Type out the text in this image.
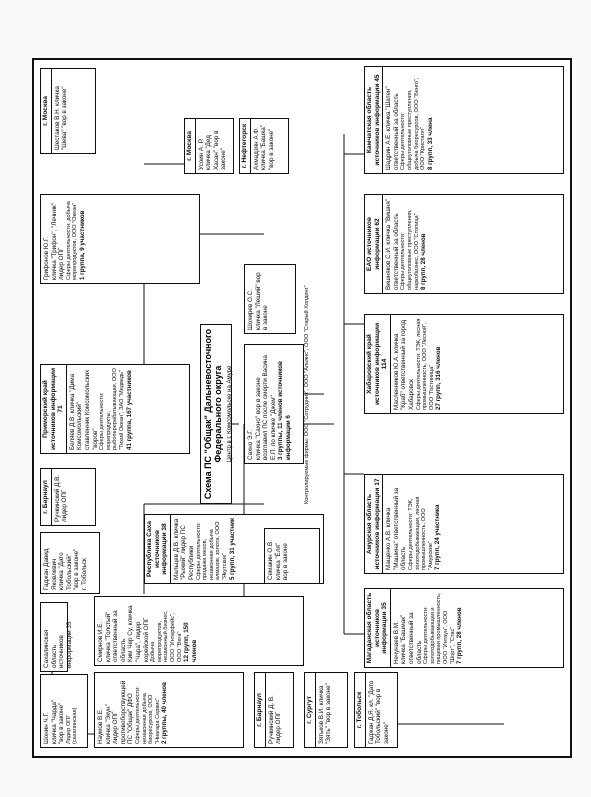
Шонин Ч.Г.
кличка "Чарда"
"вор в законе" Лидер ОПГ (сахалинская)
Сахалинская область
источников информации 35
Гаджан Давид Яковлевич
кличка "Дато Тобольский"
"вор в законе"
г. Тобольск
Наумов В.Е.
кличка "Экун"
лидер ОПГ
противоборствующей
ПС "Общак" ДФО Сферы деятельности: незаконная добыча биоресурсов, ООО "Ниагара Сервис" 2 группы, 40 членов
Смирнов И.Е.
кличка "Толстый"
ответственный за
область
Ким Чер Су, кличка "Чара", лидер корейской ОПГ Добыча морепродуктов, незаконный бизнес, ООО "Интерфейс", ООО "Вега" 12 групп, 150 членов
г. Барнаул Ручкинский Д. В. лидер ОПГ
г. Сургут Зятьков В.И. кличка "Зять" "вор в законе"	г. Тобольск Гаджан Д.Я. кл. "Дато Тобольский" "вор в законе"
Магаданская область источников информации 35 Нечунаев В.М.
кличка "Башмак"
ответственный за область Сферы деятельности: золотодобывающая и пищевая промышленность, ООО "Интаун", ООО "Шорт", "Стас" 7 групп, 28 членов
Республика Саха источников информации 38 Мальцев Д.В. кличка "Рыжий" лидер ПС Республики Сферы деятельности: продажа мехов, незаконная добыча алмазов, золота, ООО "Якутские" 5 групп, 31 участник	Семакин О.В.
кличка "Ёля" вор в законе
Амурская область источников информации 17 Мащенко А.В. кличка "Машина" ответственный за область Сферы деятельности: ТЭК, золотодобывающая, лесная промышленность, ООО "Амурские" 7 групп, 24 участника
г. Барнаул Ручкинский Д.В. лидер ОПГ
Схема ПС "Общак" Дальневосточного Федерального округа Центр в г. Комсомольске на Амуре	Сахно Э.Г.
кличка "Сахно" вор в законе
возглавил ПС после смерти Васина Е.П. по кличке "Джем" 3 группы, 11 членов источников информации 6 Контролируемые фирмы: ООО "Сотрудник", ООО "Альянс", ООО "Старый Холдинг"
Приморский край источников информации 71 Беляев Д.В. кличка "Дима Комсомольский" ставленник Комсомольских "воров" Сферы деятельности: морепродукты, рыбоперерабатывающая, ООО "Тихий Океан", ЗАО "Медведь" 41 группа, 167 участников
Хабаровский край источников информации 114 Масленников Ю.А. кличка "Краб" ответственный за город Хабаровск Сферы деятельности: ТЭК, лесная промышленность, ООО "Лесной", ООО "Гостиница" 27 групп, 316 членов
Шохирев О.С.
кличка "Леший" вор в законе
Грифонов Ю.Г.
кличка "Трифон", "Лечник" лидер ОПГ Сферы деятельности: добыча морепродуктов, ООО "Океан" 1 группа, 9 участников	ЕАО источников информации 62 Вишняков С.И. кличка "Вишня" ответственный за область Сферы деятельности: общеуголовные преступления, наркобизнес, ООО "Стопица" 8 групп, 28 членов
г. Москва Шестаков В.Н. кличка "Шева" "вор в законе"	г. Москва Усоин А. Р. кличка "Дед Хасан" "вор в законе"	г. Нефтегорск Ахмадзян А.Ф. кличка "Башка" "вор в законе"	Камчатская область источников информации 45 Шадрин А.Е. кличка "Шатен" ответственный за область Сферы деятельности: общеуголовные преступления, добыча биоресурсов, ООО "Бенго", ООО "Кристалл" 8 групп, 33 члена
